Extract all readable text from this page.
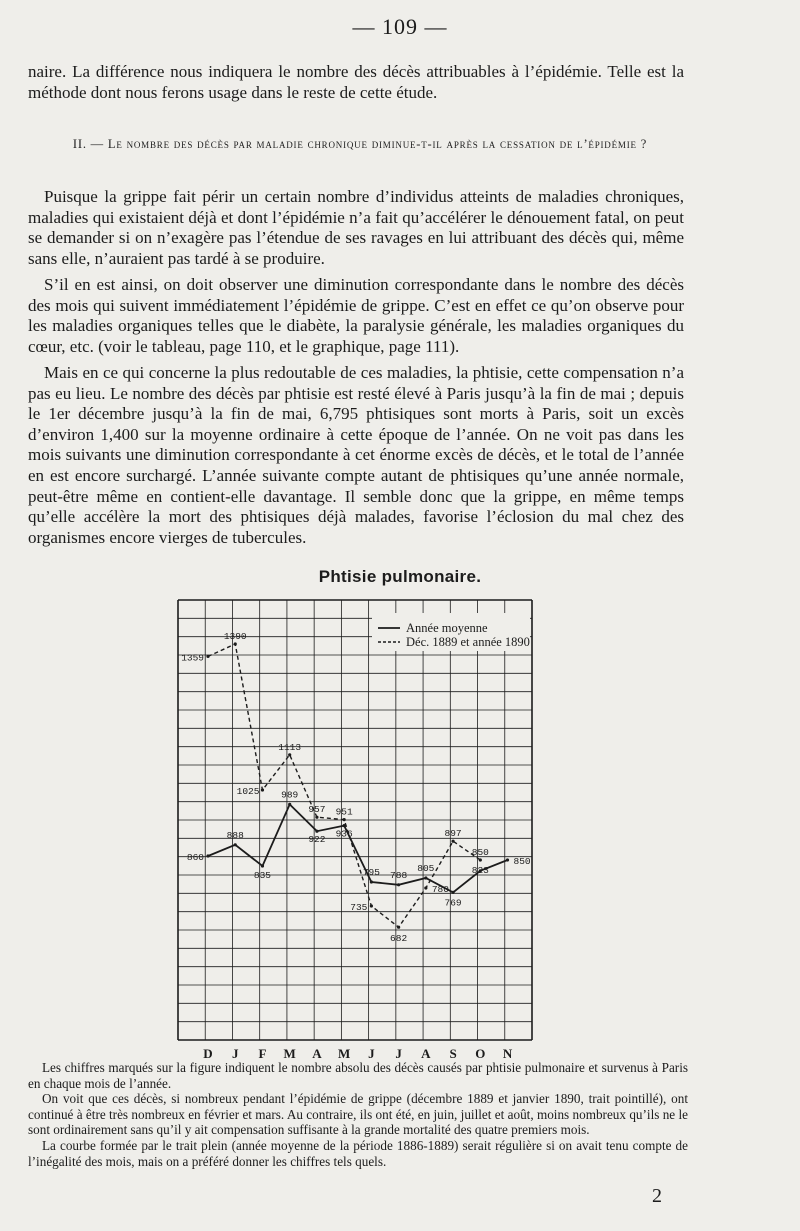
— 109 —

naire. La différence nous indiquera le nombre des décès attribuables à l’épidémie. Telle est la méthode dont nous ferons usage dans le reste de cette étude.

II. — Le nombre des décès par maladie chronique diminue-t-il après la cessation de l’épidémie ?

Puisque la grippe fait périr un certain nombre d’individus atteints de maladies chroniques, maladies qui existaient déjà et dont l’épidémie n’a fait qu’accélérer le dénouement fatal, on peut se demander si on n’exagère pas l’étendue de ses ravages en lui attribuant des décès qui, même sans elle, n’auraient pas tardé à se produire.

S’il en est ainsi, on doit observer une diminution correspondante dans le nombre des décès des mois qui suivent immédiatement l’épidémie de grippe. C’est en effet ce qu’on observe pour les maladies organiques telles que le diabète, la paralysie générale, les maladies organiques du cœur, etc. (voir le tableau, page 110, et le graphique, page 111).

Mais en ce qui concerne la plus redoutable de ces maladies, la phtisie, cette compensation n’a pas eu lieu. Le nombre des décès par phtisie est resté élevé à Paris jusqu’à la fin de mai ; depuis le 1er décembre jusqu’à la fin de mai, 6,795 phtisiques sont morts à Paris, soit un excès d’environ 1,400 sur la moyenne ordinaire à cette époque de l’année. On ne voit pas dans les mois suivants une diminution correspondante à cet énorme excès de décès, et le total de l’année en est encore surchargé. L’année suivante compte autant de phtisiques qu’une année normale, peut-être même en contient-elle davantage. Il semble donc que la grippe, en même temps qu’elle accélère la mort des phtisiques déjà malades, favorise l’éclosion du mal chez des organismes encore vierges de tubercules.

Phtisie pulmonaire.
D J F M A M J J A S O N
Année moyenne
Déc. 1889 et année 1890
860
888
835
989
922
936
795 788
805
769
823
850
1359
1390
1025
1113
957 951
735
682
780
897
850

Les chiffres marqués sur la figure indiquent le nombre absolu des décès causés par phtisie pulmonaire et survenus à Paris en chaque mois de l’année.

On voit que ces décès, si nombreux pendant l’épidémie de grippe (décembre 1889 et janvier 1890, trait pointillé), ont continué à être très nombreux en février et mars. Au contraire, ils ont été, en juin, juillet et août, moins nombreux qu’ils ne le sont ordinairement sans qu’il y ait compensation suffisante à la grande mortalité des quatre premiers mois.

La courbe formée par le trait plein (année moyenne de la période 1886-1889) serait régulière si on avait tenu compte de l’inégalité des mois, mais on a préféré donner les chiffres tels quels.

2
